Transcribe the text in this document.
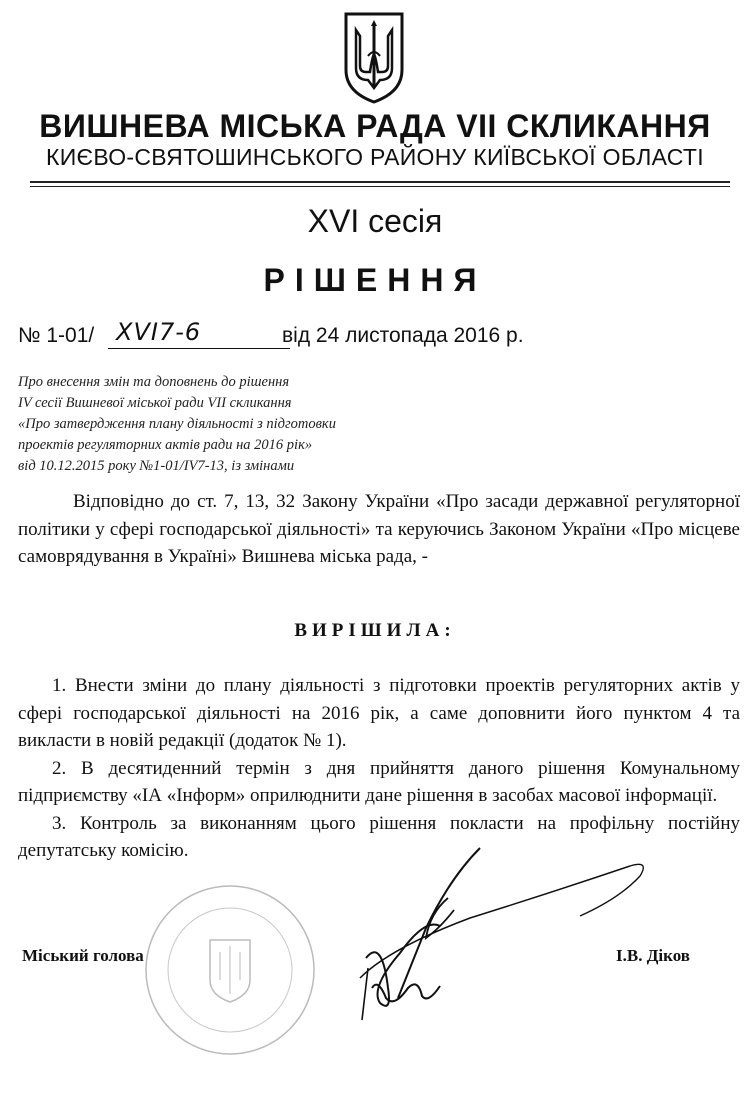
ВИШНЕВА МІСЬКА РАДА VII СКЛИКАННЯ
КИЄВО-СВЯТОШИНСЬКОГО РАЙОНУ КИЇВСЬКОЇ ОБЛАСТІ
XVI сесія
РІШЕННЯ
№ 1-01/ XVI7-6	від 24 листопада 2016 р.
Про внесення змін та доповнень до рішення
IV сесії Вишневої міської ради VII скликання
«Про затвердження плану діяльності з підготовки
проектів регуляторних актів ради на 2016 рік»
від 10.12.2015 року №1-01/IV7-13, із змінами

Відповідно до ст. 7, 13, 32 Закону України «Про засади державної регуляторної політики у сфері господарської діяльності» та керуючись Законом України «Про місцеве самоврядування в Україні» Вишнева міська рада, -

ВИРІШИЛА:

1. Внести зміни до плану діяльності з підготовки проектів регуляторних актів у сфері господарської діяльності на 2016 рік, а саме доповнити його пунктом 4 та викласти в новій редакції (додаток № 1).

2. В десятиденний термін з дня прийняття даного рішення Комунальному підприємству «ІА «Інформ» оприлюднити дане рішення в засобах масової інформації.

3. Контроль за виконанням цього рішення покласти на профільну постійну депутатську комісію.

Міський голова	І.В. Діков
